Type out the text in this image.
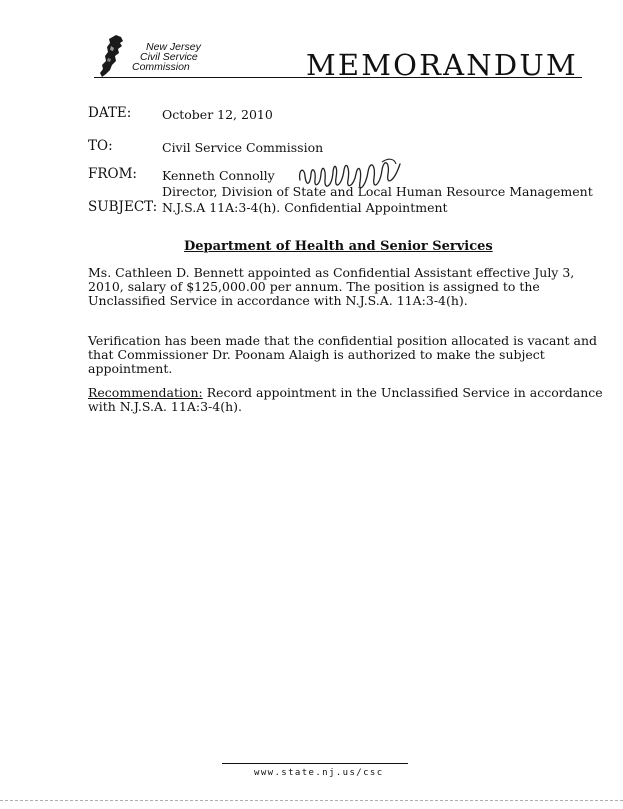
New Jersey
Civil Service
Commission	MEMORANDUM
DATE: October 12, 2010
TO:	Civil Service Commission
FROM: Kenneth Connolly
Director, Division of State and Local Human Resource Management
SUBJECT: N.J.S.A 11A:3-4(h). Confidential Appointment
Department of Health and Senior Services
Ms. Cathleen D. Bennett appointed as Confidential Assistant effective July 3,
2010, salary of $125,000.00 per annum. The position is assigned to the
Unclassified Service in accordance with N.J.S.A. 11A:3-4(h).
Verification has been made that the confidential position allocated is vacant and
that Commissioner Dr. Poonam Alaigh is authorized to make the subject
appointment.
Recommendation: Record appointment in the Unclassified Service in accordance
with N.J.S.A. 11A:3-4(h).
www.state.nj.us/csc
